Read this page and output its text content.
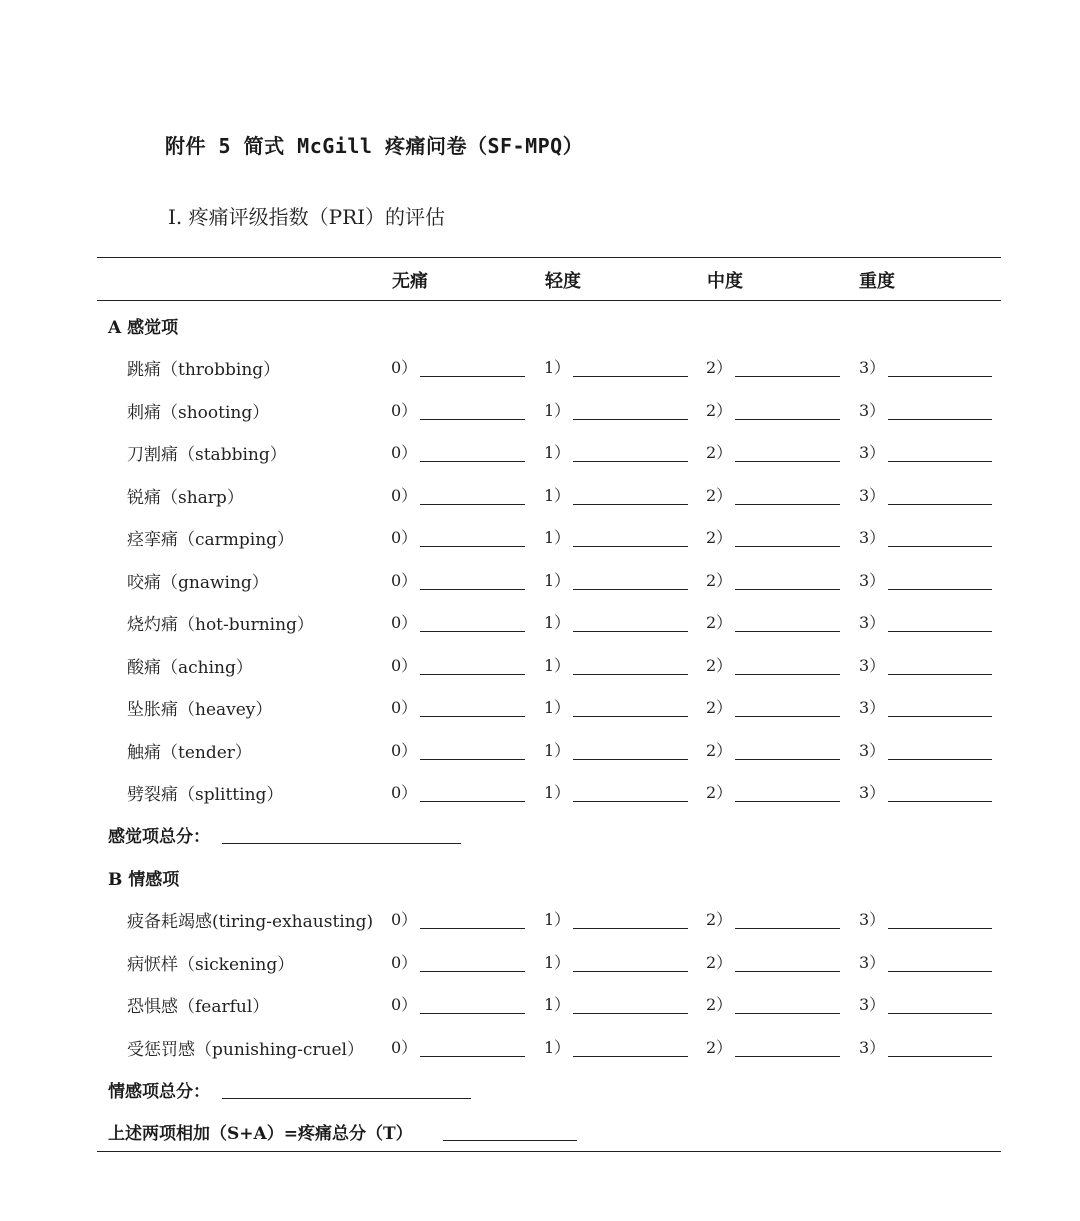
附件 5 简式 McGill 疼痛问卷（SF-MPQ）
Ⅰ. 疼痛评级指数（PRI）的评估
无痛	轻度	中度	重度
A 感觉项
跳痛（throbbing）	0）	1）	2）	3）
刺痛（shooting）	0）	1）	2）	3）
刀割痛（stabbing）	0）	1）	2）	3）
锐痛（sharp）	0）	1）	2）	3）
痉挛痛（carmping）	0）	1）	2）	3）
咬痛（gnawing）	0）	1）	2）	3）
烧灼痛（hot-burning）	0）	1）	2）	3）
酸痛（aching）	0）	1）	2）	3）
坠胀痛（heavey）	0）	1）	2）	3）
触痛（tender）	0）	1）	2）	3）
劈裂痛（splitting）	0）	1）	2）	3）
感觉项总分：
B 情感项
疲备耗竭感(tiring-exhausting) 0）	1）	2）	3）
病恹样（sickening）	0）	1）	2）	3）
恐惧感（fearful）	0）	1）	2）	3）
受惩罚感（punishing-cruel） 0）	1）	2）	3）
情感项总分：
上述两项相加（S+A）=疼痛总分（T）
